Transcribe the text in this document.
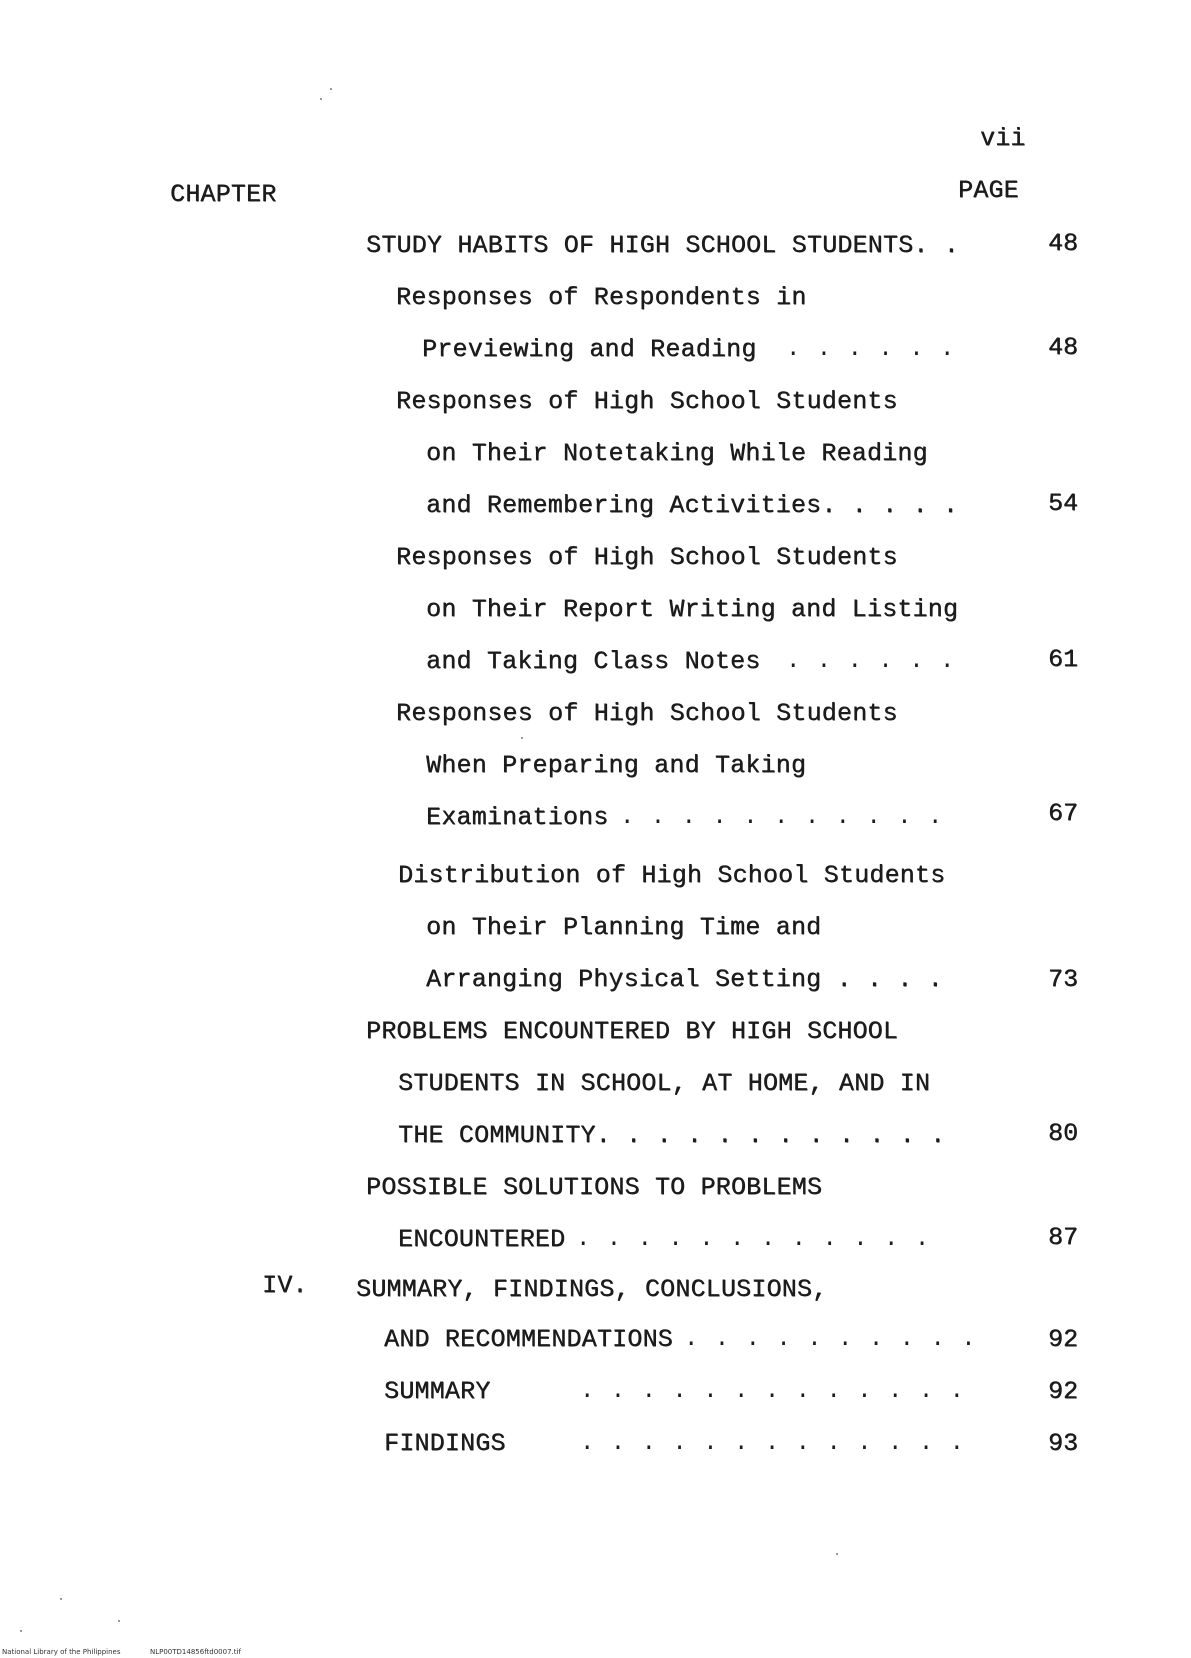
vii
CHAPTER	PAGE
STUDY HABITS OF HIGH SCHOOL STUDENTS. .	48
Responses of Respondents in
Previewing and Reading . . . . . .	48
Responses of High School Students
on Their Notetaking While Reading
and Remembering Activities. . . . .	54
Responses of High School Students
on Their Report Writing and Listing
and Taking Class Notes . . . . . .	61
Responses of High School Students
When Preparing and Taking
Examinations . . . . . . . . . . .	67
Distribution of High School Students
on Their Planning Time and
Arranging Physical Setting . . . .	73
PROBLEMS ENCOUNTERED BY HIGH SCHOOL
STUDENTS IN SCHOOL, AT HOME, AND IN
THE COMMUNITY. . . . . . . . . . . .	80
POSSIBLE SOLUTIONS TO PROBLEMS
ENCOUNTERED . . . . . . . . . . . .	87
IV. SUMMARY, FINDINGS, CONCLUSIONS,
AND RECOMMENDATIONS . . . . . . . . . .	92
SUMMARY	. . . . . . . . . . . . .	92
FINDINGS	. . . . . . . . . . . . .	93
National Library of the Philippines	NLP00TD14856ftd0007.tif
